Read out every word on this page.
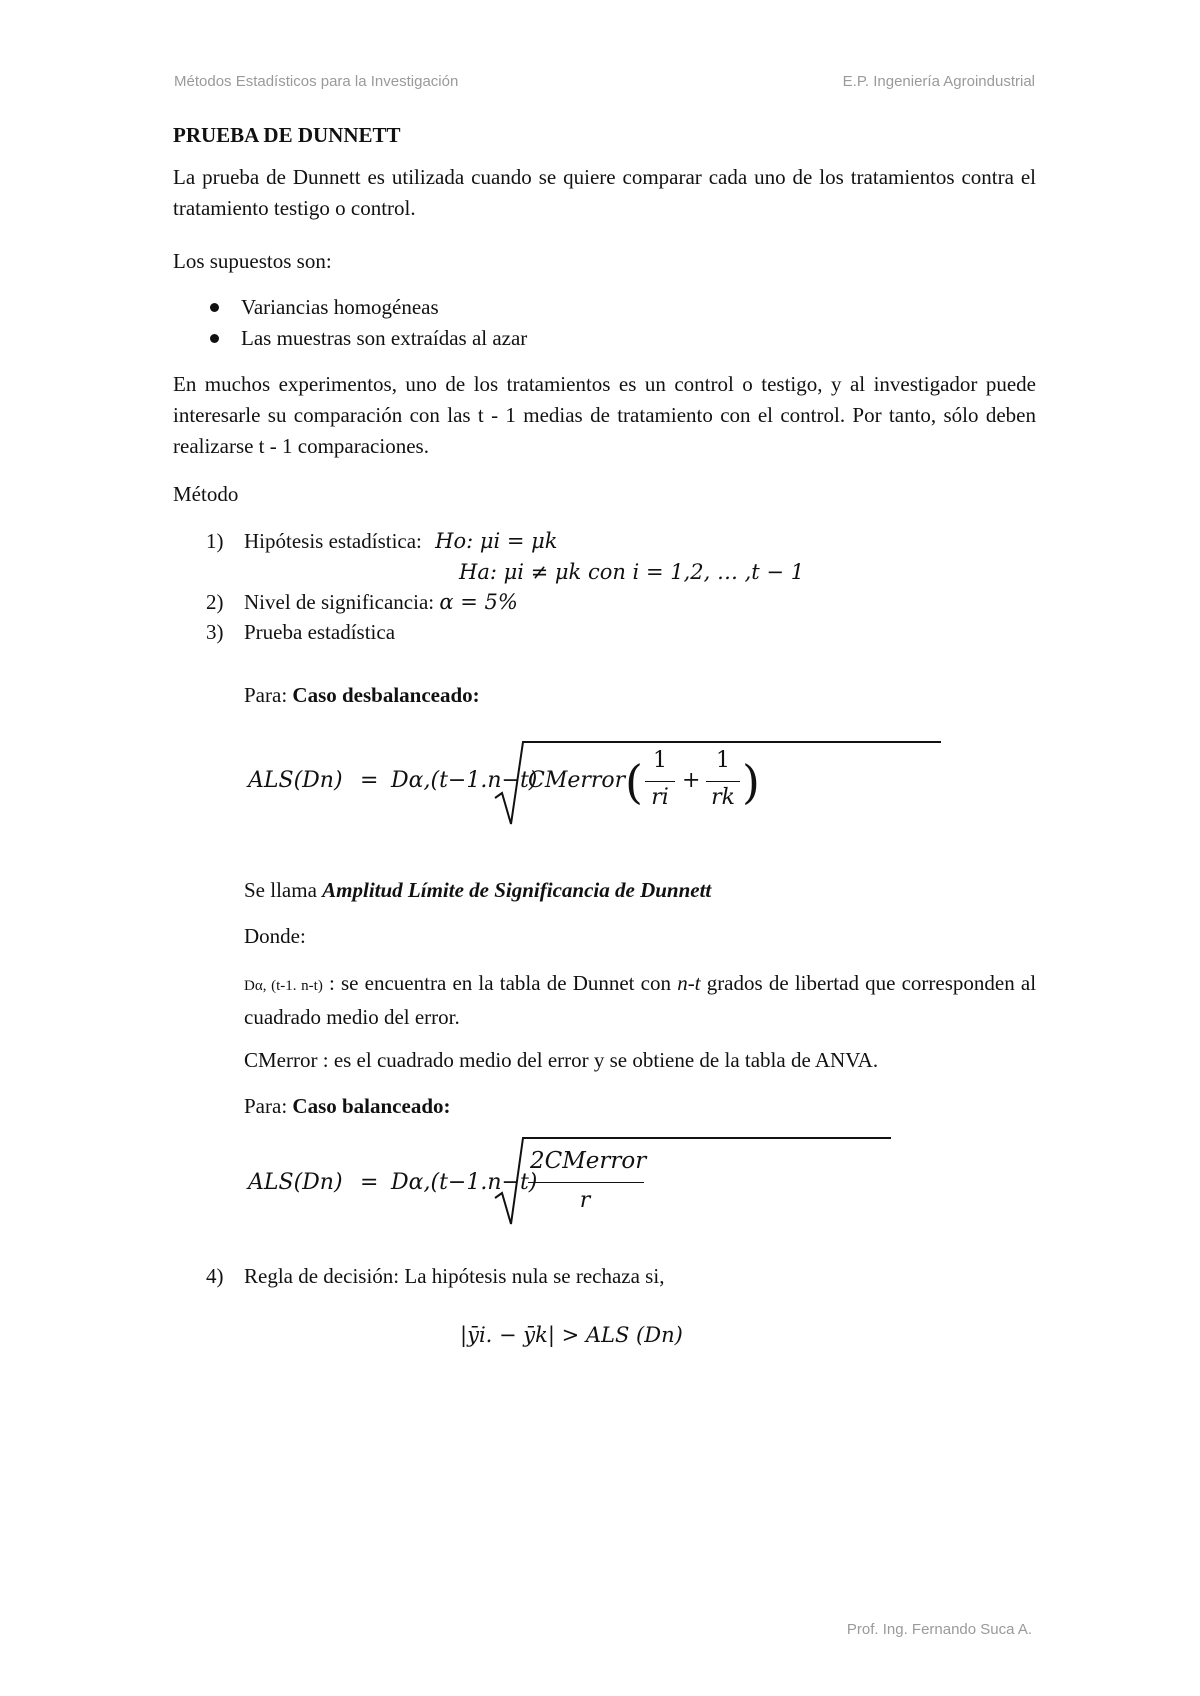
Métodos Estadísticos para la Investigación	E.P. Ingeniería Agroindustrial
PRUEBA DE DUNNETT
La prueba de Dunnett es utilizada cuando se quiere comparar cada uno de los tratamientos contra el tratamiento testigo o control.
Los supuestos son:
Variancias homogéneas
Las muestras son extraídas al azar
En muchos experimentos, uno de los tratamientos es un control o testigo, y al investigador puede interesarle su comparación con las t - 1 medias de tratamiento con el control. Por tanto, sólo deben realizarse t - 1 comparaciones.
Método
1) Hipótesis estadística: Ho: μi = μk
Ha: μi ≠ μk con i = 1,2, … ,t − 1
2) Nivel de significancia: α = 5%
3) Prueba estadística
Para: Caso desbalanceado:
ALS(Dn) = Dα,(t−1.n−t)
CMerror ( 1
ri
+
1
rk )
Se llama Amplitud Límite de Significancia de Dunnett
Donde:
Dα, (t-1. n-t) : se encuentra en la tabla de Dunnet con n-t grados de libertad que corresponden al cuadrado medio del error.
CMerror : es el cuadrado medio del error y se obtiene de la tabla de ANVA.
Para: Caso balanceado:
ALS(Dn) = Dα,(t−1.n−t)
2CMerror
r
4) Regla de decisión: La hipótesis nula se rechaza si,
|ȳi. − ȳk| > ALS (Dn)
Prof. Ing. Fernando Suca A.
